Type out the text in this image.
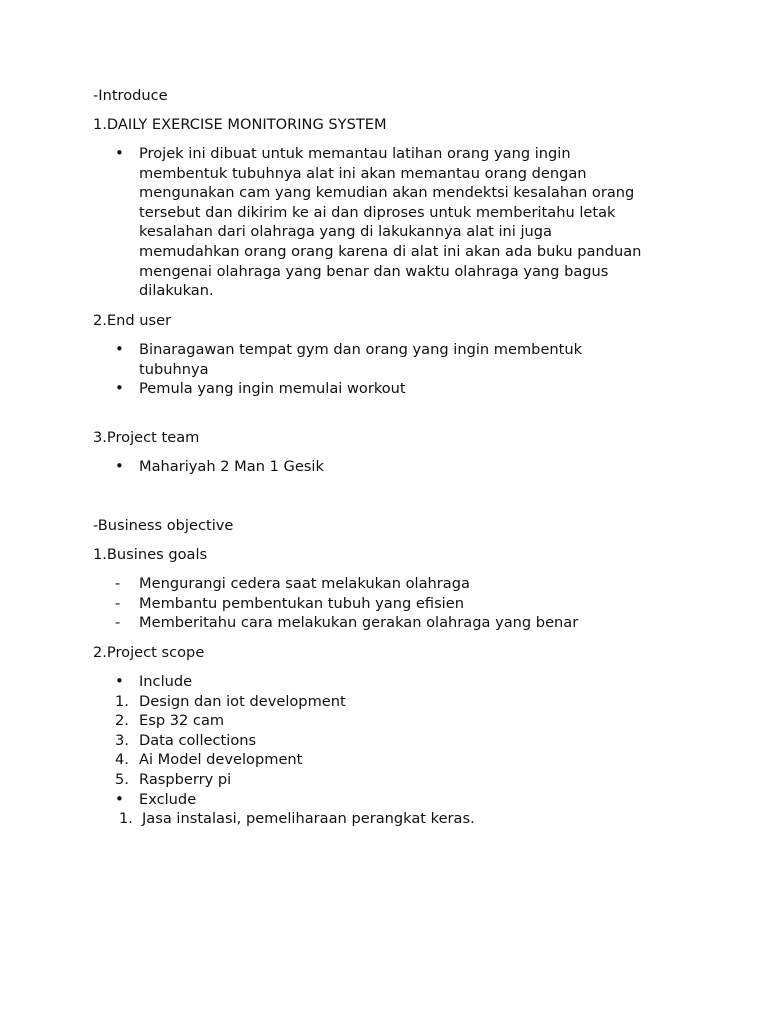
-Introduce

1.DAILY EXERCISE MONITORING SYSTEM

• Projek ini dibuat untuk memantau latihan orang yang ingin

membentuk tubuhnya alat ini akan memantau orang dengan

mengunakan cam yang kemudian akan mendektsi kesalahan orang

tersebut dan dikirim ke ai dan diproses untuk memberitahu letak

kesalahan dari olahraga yang di lakukannya alat ini juga

memudahkan orang orang karena di alat ini akan ada buku panduan

mengenai olahraga yang benar dan waktu olahraga yang bagus

dilakukan.

2.End user

• Binaragawan tempat gym dan orang yang ingin membentuk

tubuhnya

• Pemula yang ingin memulai workout

3.Project team

• Mahariyah 2 Man 1 Gesik

-Business objective

1.Busines goals

- Mengurangi cedera saat melakukan olahraga

- Membantu pembentukan tubuh yang efisien

- Memberitahu cara melakukan gerakan olahraga yang benar

2.Project scope

• Include

1. Design dan iot development

2. Esp 32 cam

3. Data collections

4. Ai Model development

5. Raspberry pi

• Exclude

1. Jasa instalasi, pemeliharaan perangkat keras.
